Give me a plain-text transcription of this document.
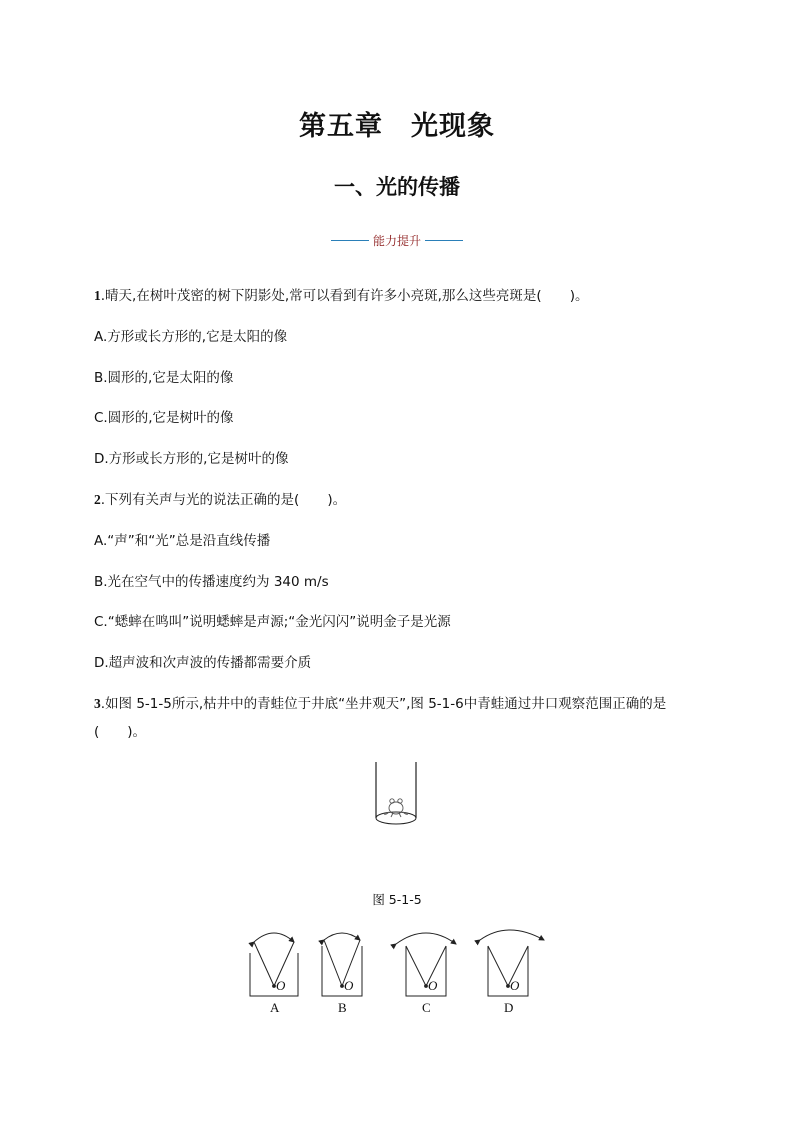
第五章　光现象
一、光的传播
能力提升
1.晴天,在树叶茂密的树下阴影处,常可以看到有许多小亮斑,那么这些亮斑是( )。
A.方形或长方形的,它是太阳的像
B.圆形的,它是太阳的像
C.圆形的,它是树叶的像
D.方形或长方形的,它是树叶的像
2.下列有关声与光的说法正确的是( )。
A.“声”和“光”总是沿直线传播
B.光在空气中的传播速度约为 340 m/s
C.“蟋蟀在鸣叫”说明蟋蟀是声源;“金光闪闪”说明金子是光源
D.超声波和次声波的传播都需要介质
3.如图 5-1-5所示,枯井中的青蛙位于井底“坐井观天”,图 5-1-6中青蛙通过井口观察范围正确的是
( )。
图 5-1-5
O	O	O	O
A	B	C	D
